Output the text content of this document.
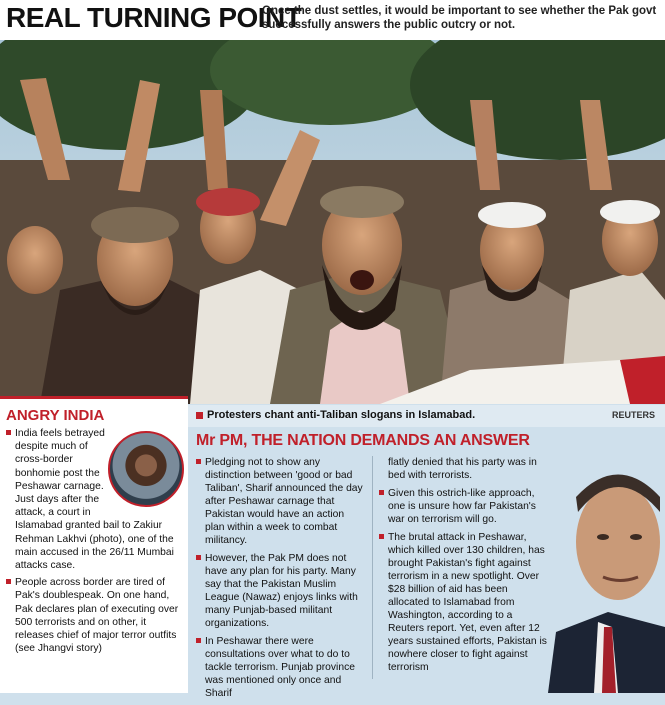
REAL TURNING POINT
Once the dust settles, it would be important to see whether the Pak govt successfully answers the public outcry or not.
Protesters chant anti-Taliban slogans in Islamabad.	REUTERS
ANGRY INDIA

India feels betrayed despite much of cross-border bonhomie post the Peshawar carnage. Just days after the attack, a court in Islamabad granted bail to Zakiur Rehman Lakhvi (photo), one of the main accused in the 26/11 Mumbai attacks case.

People across border are tired of Pak's doublespeak. On one hand, Pak declares plan of executing over 500 terrorists and on other, it releases chief of major terror outfits (see Jhangvi story)

Mr PM, THE NATION DEMANDS AN ANSWER

Pledging not to show any distinction between 'good or bad Taliban', Sharif announced the day after Peshawar carnage that Pakistan would have an action plan within a week to combat militancy.

However, the Pak PM does not have any plan for his party. Many say that the Pakistan Muslim League (Nawaz) enjoys links with many Punjab-based militant organizations.

In Peshawar there were consultations over what to do to tackle terrorism. Punjab province was mentioned only once and Sharif

flatly denied that his party was in bed with terrorists.

Given this ostrich-like approach, one is unsure how far Pakistan's war on terrorism will go.

The brutal attack in Peshawar, which killed over 130 children, has brought Pakistan's fight against terrorism in a new spotlight. Over $28 billion of aid has been allocated to Islamabad from Washington, according to a Reuters report. Yet, even after 12 years sustained efforts, Pakistan is nowhere closer to fight against terrorism
